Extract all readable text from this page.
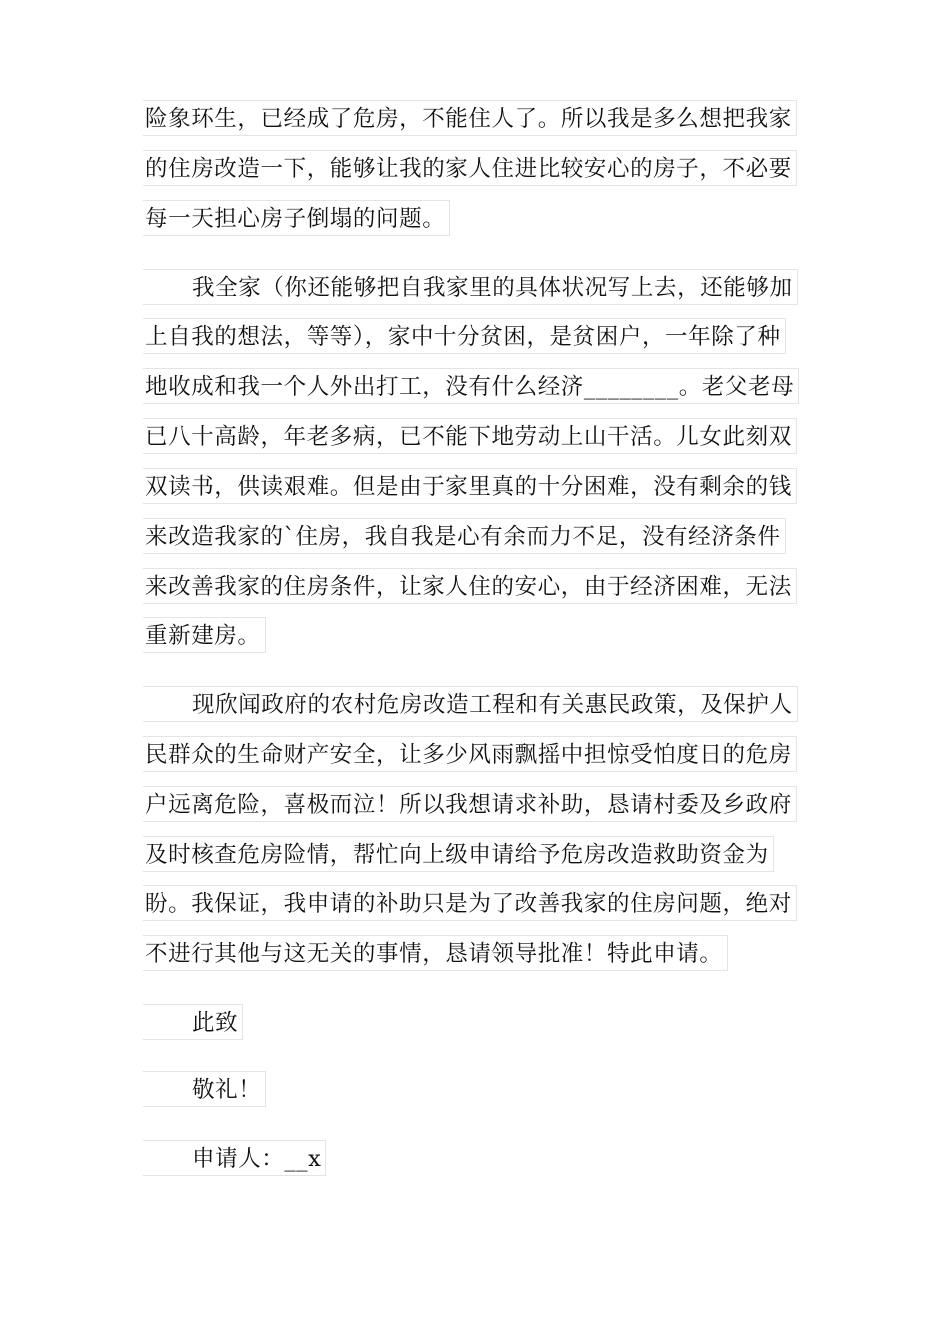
险象环生，已经成了危房，不能住人了。所以我是多么想把我家
的住房改造一下，能够让我的家人住进比较安心的房子，不必要
每一天担心房子倒塌的问题。
我全家（你还能够把自我家里的具体状况写上去，还能够加
上自我的想法，等等），家中十分贫困，是贫困户，一年除了种
地收成和我一个人外出打工，没有什么经济________。老父老母
已八十高龄，年老多病，已不能下地劳动上山干活。儿女此刻双
双读书，供读艰难。但是由于家里真的十分困难，没有剩余的钱
来改造我家的`住房，我自我是心有余而力不足，没有经济条件
来改善我家的住房条件，让家人住的安心，由于经济困难，无法
重新建房。
现欣闻政府的农村危房改造工程和有关惠民政策，及保护人
民群众的生命财产安全，让多少风雨飘摇中担惊受怕度日的危房
户远离危险，喜极而泣！所以我想请求补助，恳请村委及乡政府
及时核查危房险情，帮忙向上级申请给予危房改造救助资金为
盼。我保证，我申请的补助只是为了改善我家的住房问题，绝对
不进行其他与这无关的事情，恳请领导批准！特此申请。
此致
敬礼！
申请人：__x
